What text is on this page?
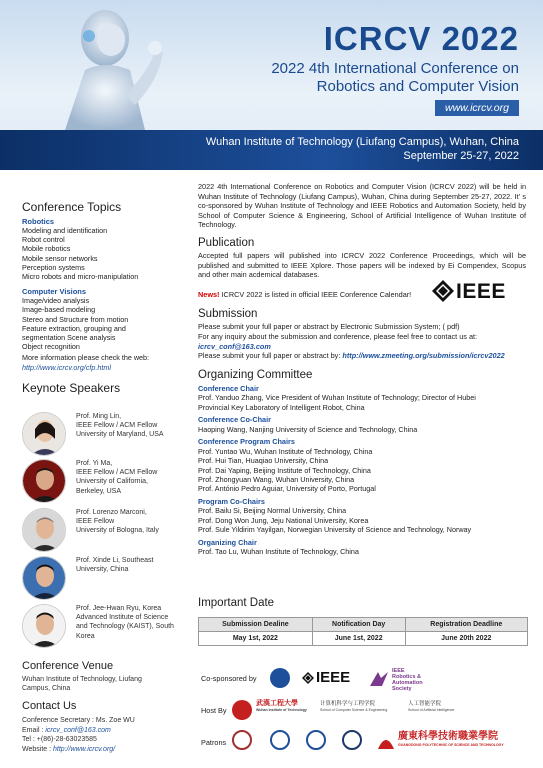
ICRCV 2022
2022 4th International Conference on
Robotics and Computer Vision
www.icrcv.org
Wuhan Institute of Technology (Liufang Campus), Wuhan, China
September 25-27, 2022
Conference Topics
Robotics
Modeling and identification
Robot control
Mobile robotics
Mobile sensor networks
Perception systems
Micro robots and micro-manipulation
Computer Visions
Image/video analysis
Image-based modeling
Stereo and Structure from motion
Feature extraction, grouping and
segmentation Scene analysis
Object recognition
More information please check the web: http://www.icrcv.org/cfp.html
Keynote Speakers
Prof. Ming Lin,
IEEE Fellow / ACM Fellow
University of Maryland, USA
Prof. Yi Ma,
IEEE Fellow / ACM Fellow
University of California,
Berkeley, USA
Prof. Lorenzo Marconi,
IEEE Fellow
University of Bologna, Italy
Prof. Xinde Li, Southeast
University, China
Prof. Jee-Hwan Ryu, Korea
Advanced Institute of Science
and Technology (KAIST), South
Korea
Conference Venue
Wuhan Institute of Technology, Liufang
Campus, China
Contact Us
Conference Secretary : Ms. Zoe WU
Email : icrcv_conf@163.com
Tel : +(86)-28-63023585
Website : http://www.icrcv.org/

2022 4th International Conference on Robotics and Computer Vision (ICRCV 2022) will be held in Wuhan Institute of Technology (Liufang Campus), Wuhan, China during September 25-27, 2022. It' s co-sponsored by Wuhan Institute of Technology and IEEE Robotics and Automation Society, held by School of Computer Science & Engineering, School of Artificial Intelligence of Wuhan Institute of Technology.

Publication

Accepted full papers will published into ICRCV 2022 Conference Proceedings, which will be published and submitted to IEEE Xplore. Those papers will be indexed by Ei Compendex, Scopus and other main acdemical databases.

News! ICRCV 2022 is listed in official IEEE Conference Calendar!

Submission
Please submit your full paper or abstract by Electronic Submission System; ( pdf)
For any inquiry about the submission and conference, please feel free to contact us at:
icrcv_conf@163.com
Please submit your full paper or abstract by: http://www.zmeeting.org/submission/icrcv2022
Organizing Committee
Conference Chair
Prof. Yanduo Zhang, Vice President of Wuhan Institute of Technology; Director of Hubei
Provincial Key Laboratory of Intelligent Robot, China
Conference Co-Chair
Haoping Wang, Nanjing University of Science and Technology, China
Conference Program Chairs
Prof. Yuntao Wu, Wuhan Institute of Technology, China
Prof. Hui Tian, Huaqiao University, China
Prof. Dai Yaping, Beijing Institute of Technology, China
Prof. Zhongyuan Wang, Wuhan University, China
Prof. António Pedro Aguiar, University of Porto, Portugal
Program Co-Chairs
Prof. Bailu Si, Beijing Normal University, China
Prof. Dong Won Jung, Jeju National University, Korea
Prof. Sule Yildirim Yayilgan, Norwegian University of Science and Technology, Norway
Organizing Chair
Prof. Tao Lu, Wuhan Institute of Technology, China
IEEE
Important Date
Submission Dealine	Notification Day	Registration Deadline
May 1st, 2022	June 1st, 2022	June 20th 2022
Co-sponsored by	IEEE	IEEE
Robotics &
Automation
Society
Host By
武漢工程大學
Wuhan Institute of Technology
计算机科学与工程学院
School of Computer Science & Engineering
人工智能学院
School of Artificial Intelligence
Patrons
廣東科學技術職業學院
GUANGDONG POLYTECHNIC OF SCIENCE AND TECHNOLOGY
